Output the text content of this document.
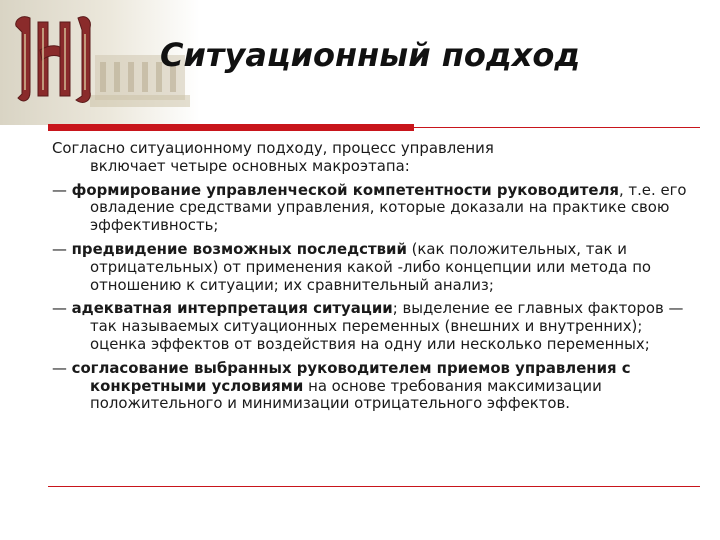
Ситуационный подход

Согласно ситуационному подходу, процесс управления
включает четыре основных макроэтапа:

— формирование управленческой компетентности руководителя, т.е. его овладение средствами управления, которые доказали на практике свою эффективность;

— предвидение возможных последствий (как положительных, так и отрицательных) от применения какой -либо концепции или метода по отношению к ситуации; их сравнительный анализ;

— адекватная интерпретация ситуации; выделение ее главных факторов — так называемых ситуационных переменных (внешних и внутренних); оценка эффектов от воздействия на одну или несколько переменных;

— согласование выбранных руководителем приемов управления с конкретными условиями на основе требования максимизации положительного и минимизации отрицательного эффектов.
